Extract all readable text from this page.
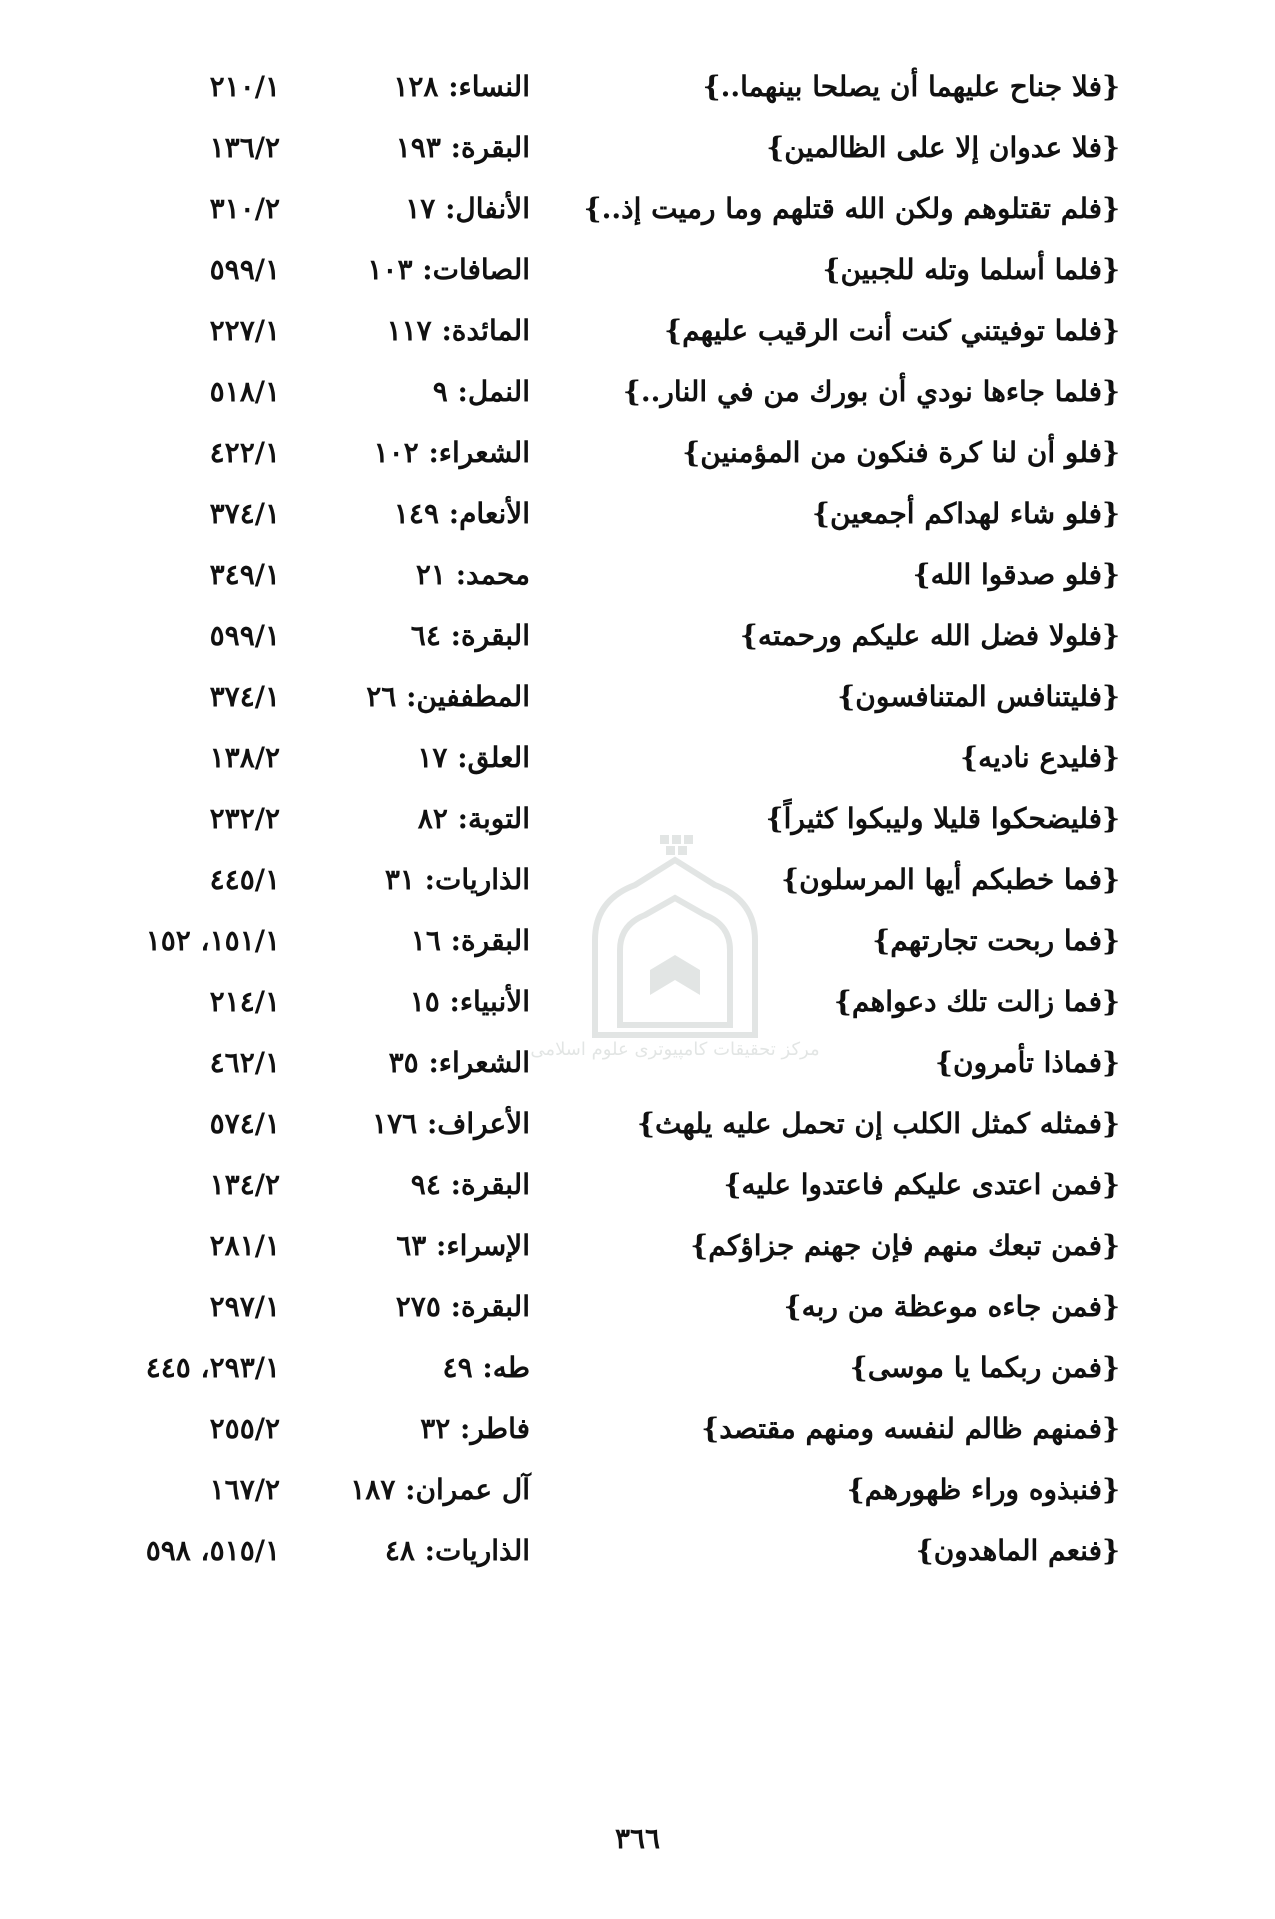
{فلا جناح عليهما أن يصلحا بينهما..}
النساء: ١٢٨
٢١٠/١
{فلا عدوان إلا على الظالمين}
البقرة: ١٩٣
١٣٦/٢
{فلم تقتلوهم ولكن الله قتلهم وما رميت إذ..}
الأنفال: ١٧
٣١٠/٢
{فلما أسلما وتله للجبين}
الصافات: ١٠٣
٥٩٩/١
{فلما توفيتني كنت أنت الرقيب عليهم}
المائدة: ١١٧
٢٢٧/١
{فلما جاءها نودي أن بورك من في النار..}
النمل: ٩
٥١٨/١
{فلو أن لنا كرة فنكون من المؤمنين}
الشعراء: ١٠٢
٤٢٢/١
{فلو شاء لهداكم أجمعين}
الأنعام: ١٤٩
٣٧٤/١
{فلو صدقوا الله}
محمد: ٢١
٣٤٩/١
{فلولا فضل الله عليكم ورحمته}
البقرة: ٦٤
٥٩٩/١
{فليتنافس المتنافسون}
المطففين: ٢٦
٣٧٤/١
{فليدع ناديه}
العلق: ١٧
١٣٨/٢
{فليضحكوا قليلا وليبكوا كثيراً}
التوبة: ٨٢
٢٣٢/٢
{فما خطبكم أيها المرسلون}
الذاريات: ٣١
٤٤٥/١
{فما ربحت تجارتهم}
البقرة: ١٦
١٥١/١، ١٥٢
{فما زالت تلك دعواهم}
الأنبياء: ١٥
٢١٤/١
{فماذا تأمرون}
الشعراء: ٣٥
٤٦٢/١
{فمثله كمثل الكلب إن تحمل عليه يلهث}
الأعراف: ١٧٦
٥٧٤/١
{فمن اعتدى عليكم فاعتدوا عليه}
البقرة: ٩٤
١٣٤/٢
{فمن تبعك منهم فإن جهنم جزاؤكم}
الإسراء: ٦٣
٢٨١/١
{فمن جاءه موعظة من ربه}
البقرة: ٢٧٥
٢٩٧/١
{فمن ربكما يا موسى}
طه: ٤٩
٢٩٣/١، ٤٤٥
{فمنهم ظالم لنفسه ومنهم مقتصد}
فاطر: ٣٢
٢٥٥/٢
{فنبذوه وراء ظهورهم}
آل عمران: ١٨٧
١٦٧/٢
{فنعم الماهدون}
الذاريات: ٤٨
٥١٥/١، ٥٩٨
مرکز تحقیقات کامپیوتری علوم اسلامی
٣٦٦
